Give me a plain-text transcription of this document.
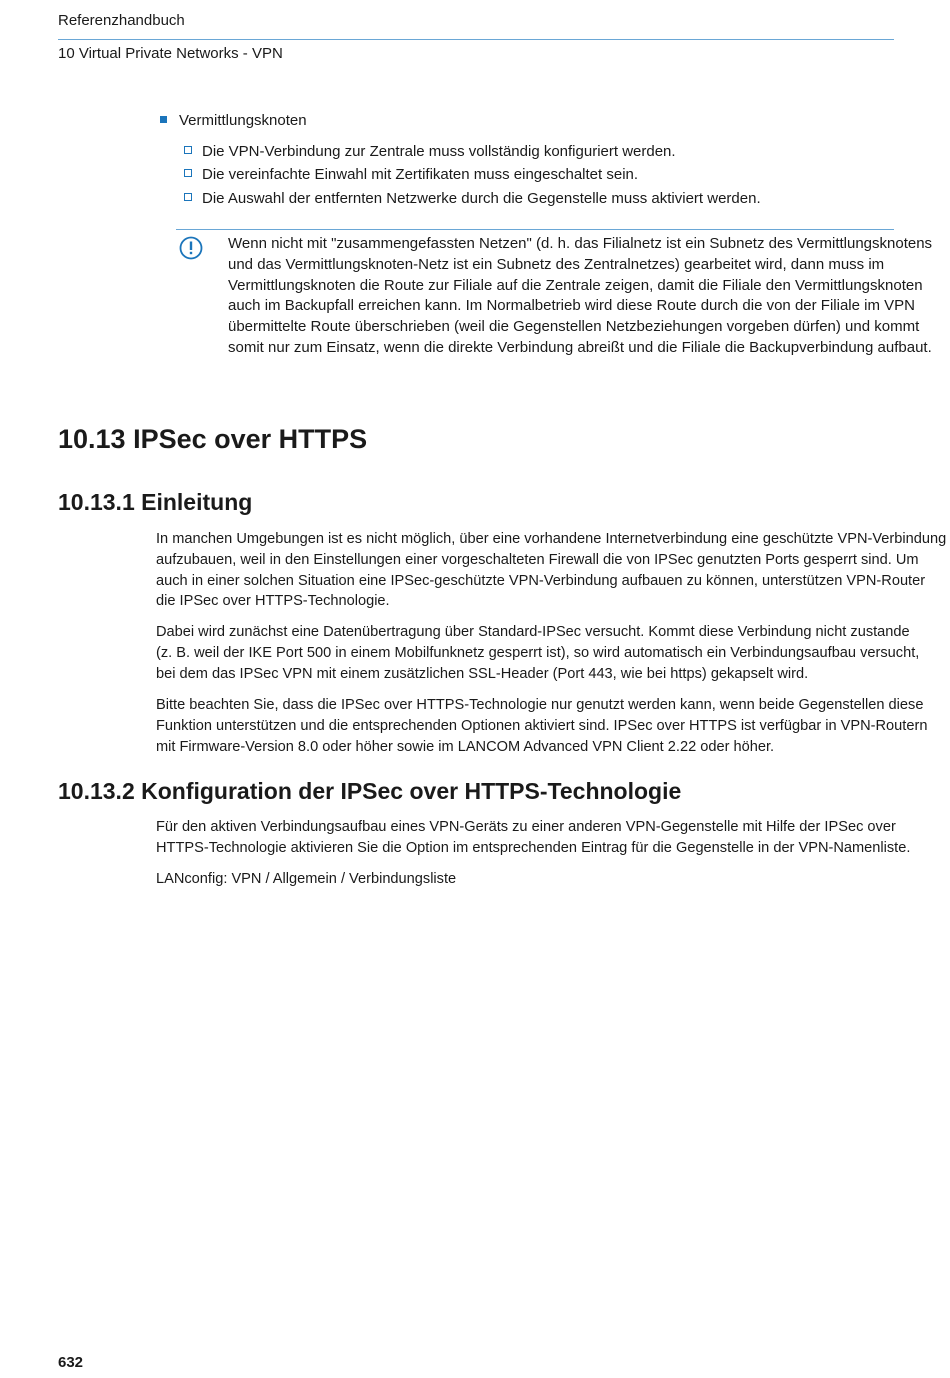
Referenzhandbuch
10 Virtual Private Networks - VPN
Vermittlungsknoten
Die VPN-Verbindung zur Zentrale muss vollständig konfiguriert werden.
Die vereinfachte Einwahl mit Zertifikaten muss eingeschaltet sein.
Die Auswahl der entfernten Netzwerke durch die Gegenstelle muss aktiviert werden.
Wenn nicht mit "zusammengefassten Netzen" (d. h. das Filialnetz ist ein Subnetz des Vermittlungsknotens
und das Vermittlungsknoten-Netz ist ein Subnetz des Zentralnetzes) gearbeitet wird, dann muss im
Vermittlungsknoten die Route zur Filiale auf die Zentrale zeigen, damit die Filiale den Vermittlungsknoten
auch im Backupfall erreichen kann. Im Normalbetrieb wird diese Route durch die von der Filiale im VPN
übermittelte Route überschrieben (weil die Gegenstellen Netzbeziehungen vorgeben dürfen) und kommt
somit nur zum Einsatz, wenn die direkte Verbindung abreißt und die Filiale die Backupverbindung aufbaut.
10.13 IPSec over HTTPS
10.13.1 Einleitung
In manchen Umgebungen ist es nicht möglich, über eine vorhandene Internetverbindung eine geschützte VPN-Verbindung
aufzubauen, weil in den Einstellungen einer vorgeschalteten Firewall die von IPSec genutzten Ports gesperrt sind. Um
auch in einer solchen Situation eine IPSec-geschützte VPN-Verbindung aufbauen zu können, unterstützen VPN-Router
die IPSec over HTTPS-Technologie.
Dabei wird zunächst eine Datenübertragung über Standard-IPSec versucht. Kommt diese Verbindung nicht zustande
(z. B. weil der IKE Port 500 in einem Mobilfunknetz gesperrt ist), so wird automatisch ein Verbindungsaufbau versucht,
bei dem das IPSec VPN mit einem zusätzlichen SSL-Header (Port 443, wie bei https) gekapselt wird.
Bitte beachten Sie, dass die IPSec over HTTPS-Technologie nur genutzt werden kann, wenn beide Gegenstellen diese
Funktion unterstützen und die entsprechenden Optionen aktiviert sind. IPSec over HTTPS ist verfügbar in VPN-Routern
mit Firmware-Version 8.0 oder höher sowie im LANCOM Advanced VPN Client 2.22 oder höher.
10.13.2 Konfiguration der IPSec over HTTPS-Technologie
Für den aktiven Verbindungsaufbau eines VPN-Geräts zu einer anderen VPN-Gegenstelle mit Hilfe der IPSec over
HTTPS-Technologie aktivieren Sie die Option im entsprechenden Eintrag für die Gegenstelle in der VPN-Namenliste.
LANconfig: VPN / Allgemein / Verbindungsliste
632
